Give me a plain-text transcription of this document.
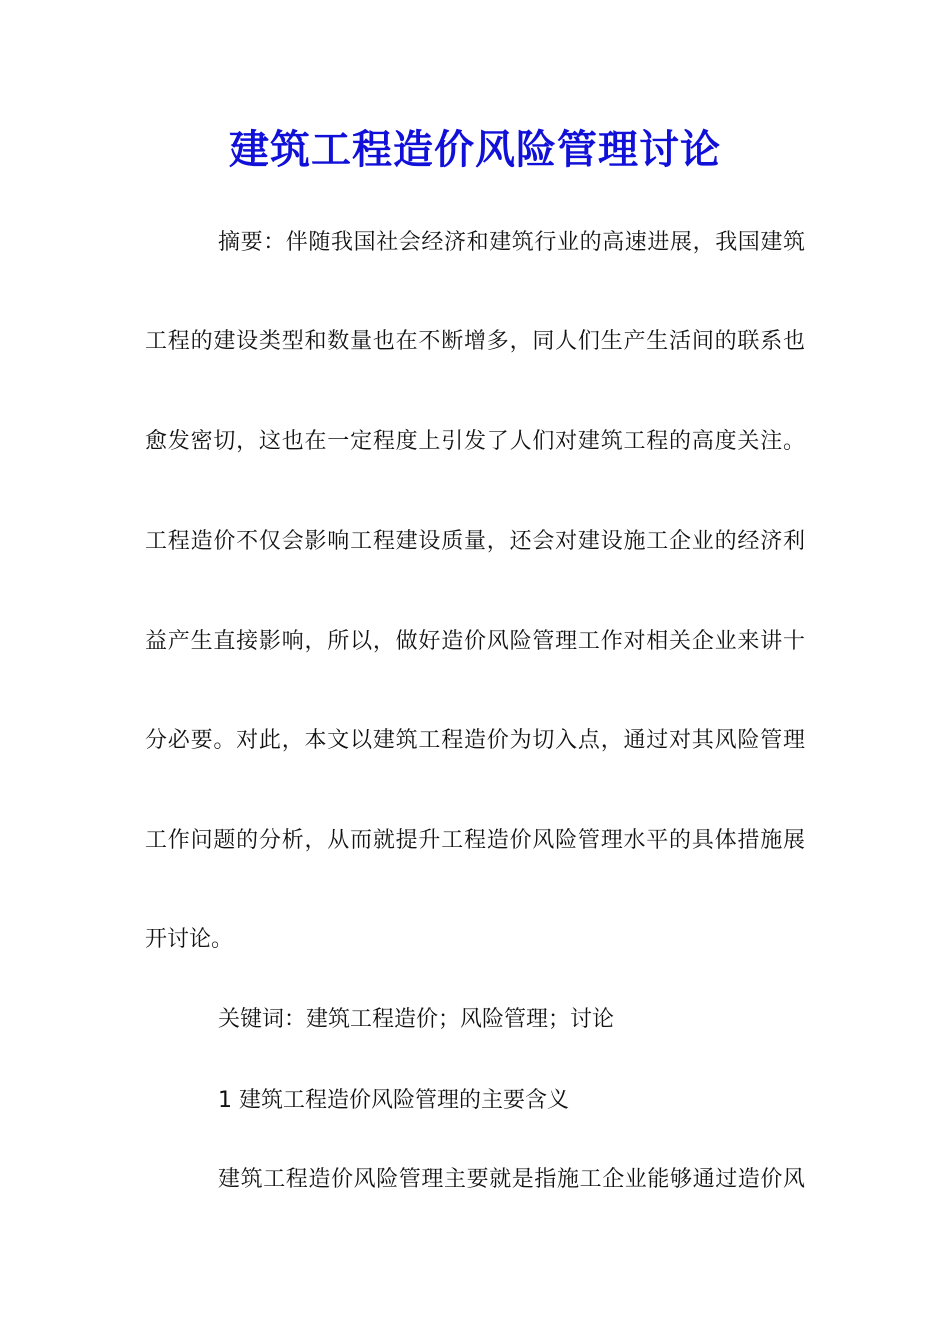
建筑工程造价风险管理讨论
摘要：伴随我国社会经济和建筑行业的高速进展，我国建筑
工程的建设类型和数量也在不断增多，同人们生产生活间的联系也
愈发密切，这也在一定程度上引发了人们对建筑工程的高度关注。
工程造价不仅会影响工程建设质量，还会对建设施工企业的经济利
益产生直接影响，所以，做好造价风险管理工作对相关企业来讲十
分必要。对此，本文以建筑工程造价为切入点，通过对其风险管理
工作问题的分析，从而就提升工程造价风险管理水平的具体措施展
开讨论。
关键词：建筑工程造价；风险管理；讨论
1 建筑工程造价风险管理的主要含义
建筑工程造价风险管理主要就是指施工企业能够通过造价风
